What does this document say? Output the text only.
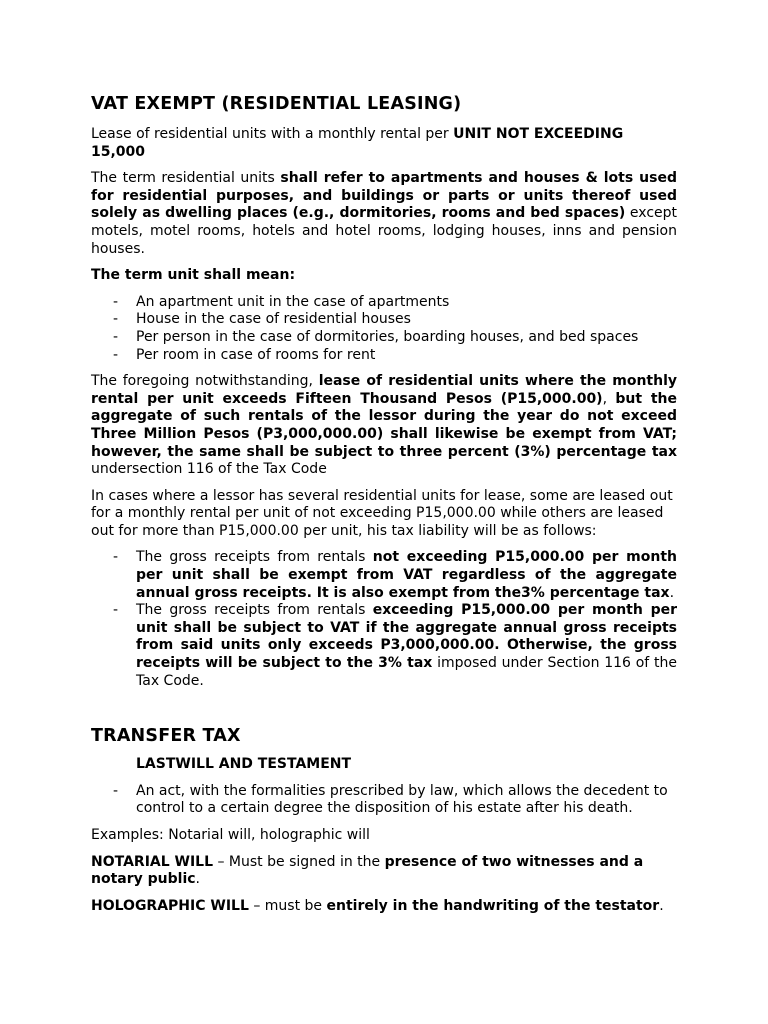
VAT EXEMPT (RESIDENTIAL LEASING)

Lease of residential units with a monthly rental per UNIT NOT EXCEEDING 15,000

The term residential units shall refer to apartments and houses & lots used for residential purposes, and buildings or parts or units thereof used solely as dwelling places (e.g., dormitories, rooms and bed spaces) except motels, motel rooms, hotels and hotel rooms, lodging houses, inns and pension houses.

The term unit shall mean:

- An apartment unit in the case of apartments
- House in the case of residential houses
- Per person in the case of dormitories, boarding houses, and bed spaces
- Per room in case of rooms for rent

The foregoing notwithstanding, lease of residential units where the monthly rental per unit exceeds Fifteen Thousand Pesos (P15,000.00), but the aggregate of such rentals of the lessor during the year do not exceed Three Million Pesos (P3,000,000.00) shall likewise be exempt from VAT; however, the same shall be subject to three percent (3%) percentage tax undersection 116 of the Tax Code

In cases where a lessor has several residential units for lease, some are leased out for a monthly rental per unit of not exceeding P15,000.00 while others are leased out for more than P15,000.00 per unit, his tax liability will be as follows:

- The gross receipts from rentals not exceeding P15,000.00 per month per unit shall be exempt from VAT regardless of the aggregate annual gross receipts. It is also exempt from the3% percentage tax.
- The gross receipts from rentals exceeding P15,000.00 per month per unit shall be subject to VAT if the aggregate annual gross receipts from said units only exceeds P3,000,000.00. Otherwise, the gross receipts will be subject to the 3% tax imposed under Section 116 of the Tax Code.
TRANSFER TAX

LASTWILL AND TESTAMENT

- An act, with the formalities prescribed by law, which allows the decedent to control to a certain degree the disposition of his estate after his death.

Examples: Notarial will, holographic will

NOTARIAL WILL – Must be signed in the presence of two witnesses and a notary public.

HOLOGRAPHIC WILL – must be entirely in the handwriting of the testator.
